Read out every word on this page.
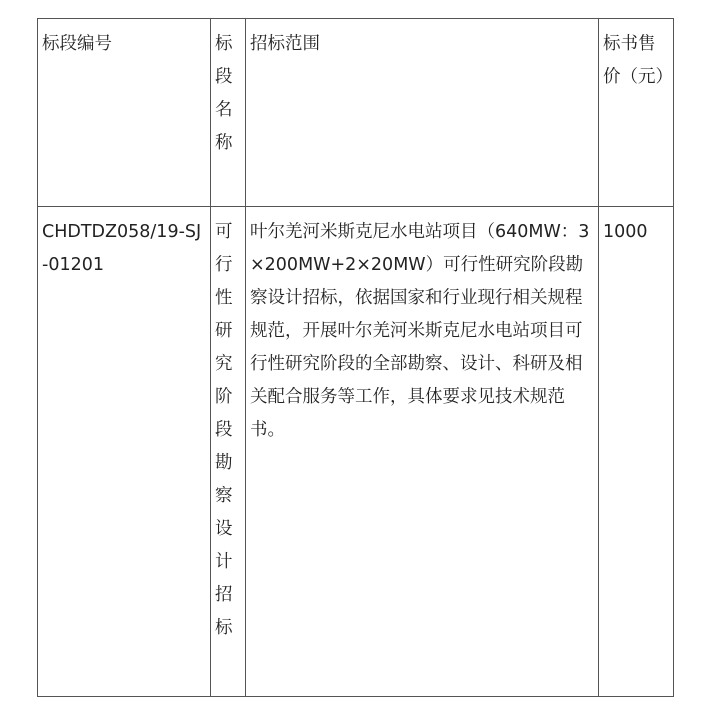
标段编号	标段名称	招标范围	标书售价（元）
CHDTDZ058/19-SJ-01201	可行性研究阶段勘察设计招标	叶尔羌河米斯克尼水电站项目（640MW：3×200MW+2×20MW）可行性研究阶段勘察设计招标，依据国家和行业现行相关规程规范，开展叶尔羌河米斯克尼水电站项目可行性研究阶段的全部勘察、设计、科研及相关配合服务等工作，具体要求见技术规范书。	1000
